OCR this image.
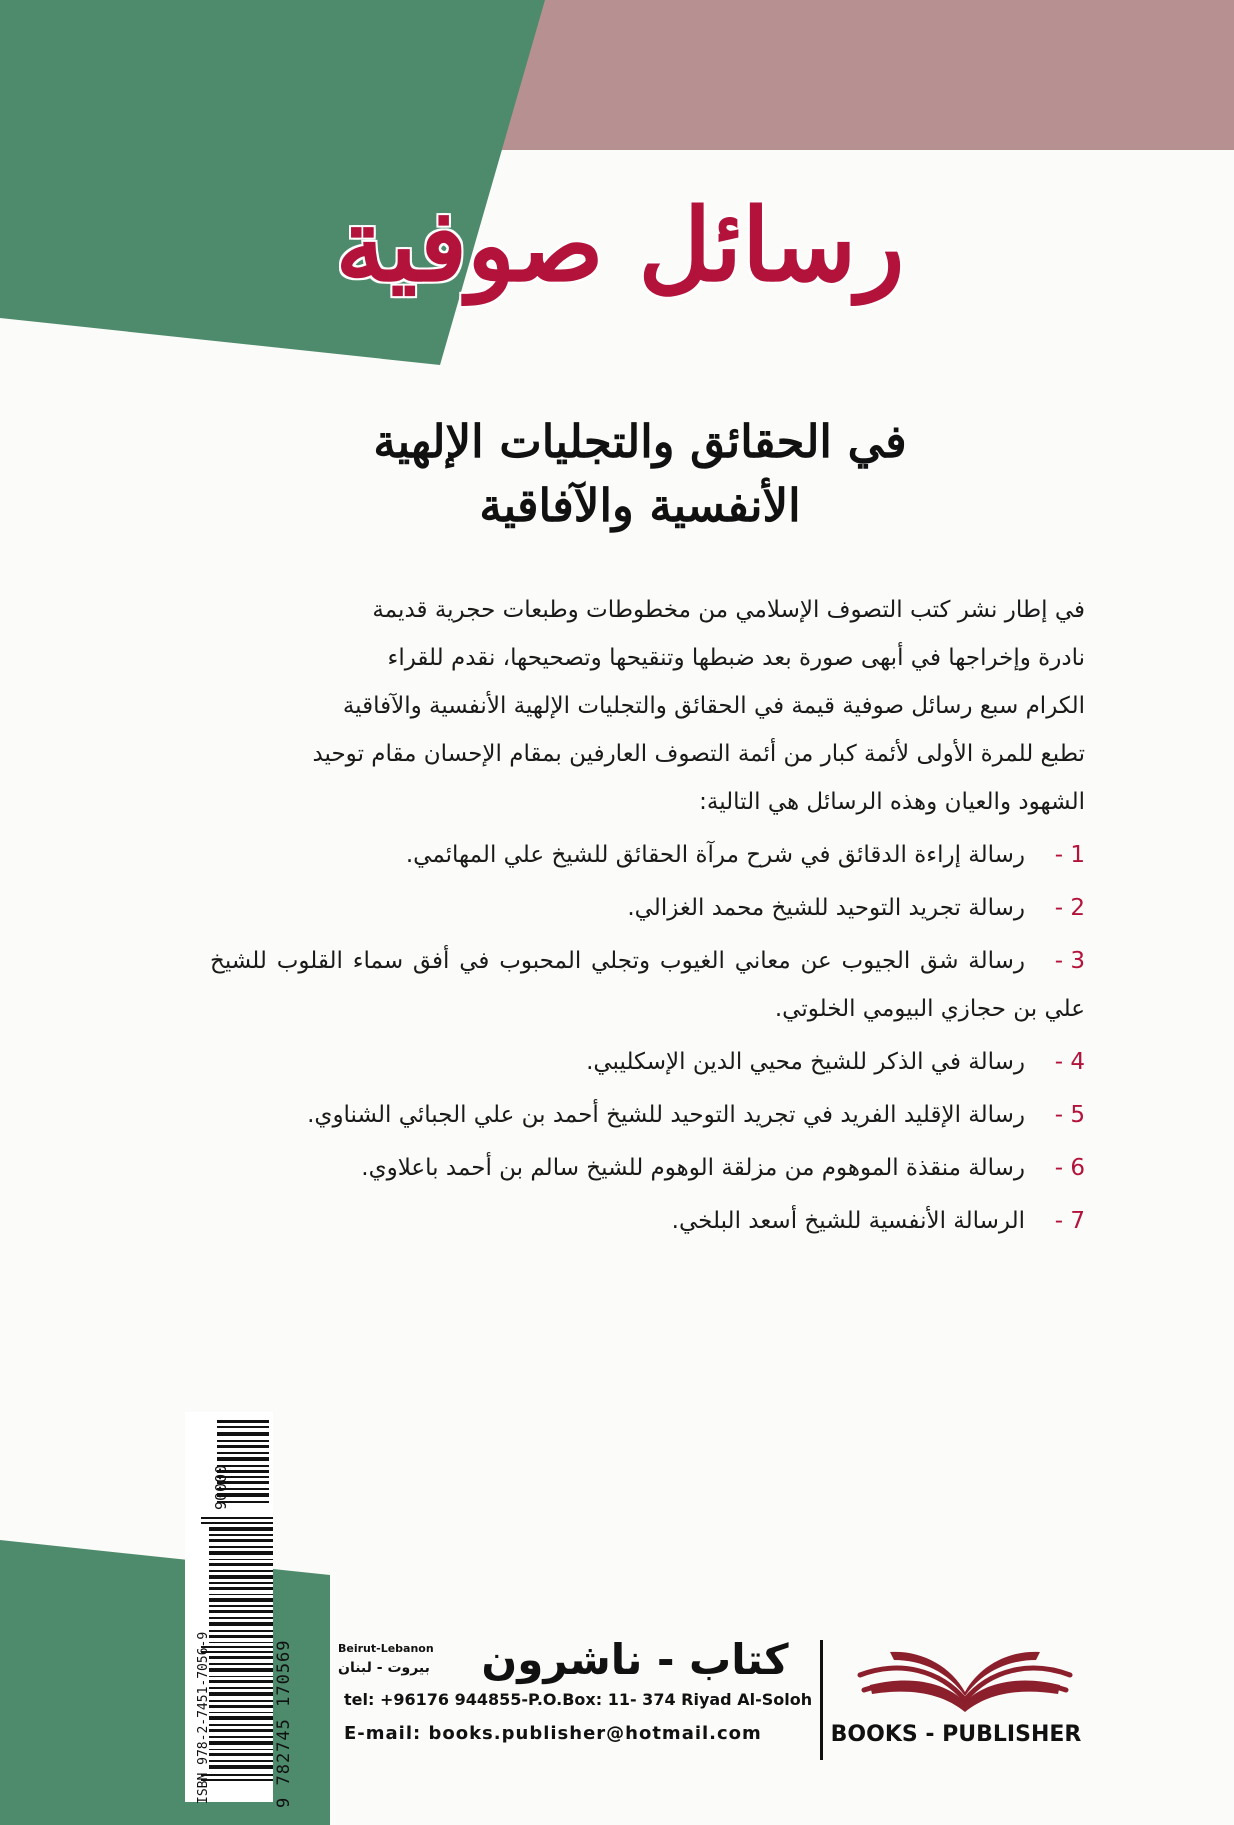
رسائل صوفية
في الحقائق والتجليات الإلهية
الأنفسية والآفاقية

في إطار نشر كتب التصوف الإسلامي من مخطوطات وطبعات حجرية قديمة

نادرة وإخراجها في أبهى صورة بعد ضبطها وتنقيحها وتصحيحها، نقدم للقراء

الكرام سبع رسائل صوفية قيمة في الحقائق والتجليات الإلهية الأنفسية والآفاقية

تطبع للمرة الأولى لأئمة كبار من أئمة التصوف العارفين بمقام الإحسان مقام توحيد

الشهود والعيان وهذه الرسائل هي التالية:

1 -
رسالة إراءة الدقائق في شرح مرآة الحقائق للشيخ علي المهائمي.
2 -
رسالة تجريد التوحيد للشيخ محمد الغزالي.
3 -
رسالة شق الجيوب عن معاني الغيوب وتجلي المحبوب في أفق سماء القلوب للشيخ علي بن حجازي البيومي الخلوتي.
4 -
رسالة في الذكر للشيخ محيي الدين الإسكليبي.
5 -
رسالة الإقليد الفريد في تجريد التوحيد للشيخ أحمد بن علي الجبائي الشناوي.
6 -
رسالة منقذة الموهوم من مزلقة الوهوم للشيخ سالم بن أحمد باعلاوي.
7 -
الرسالة الأنفسية للشيخ أسعد البلخي.
ISBN 978-2-7451-7056-9
90000
9 782745 170569	Beirut-Lebanon
بيروت - لبنان	كتاب - ناشرون
tel: +96176 944855-P.O.Box: 11- 374 Riyad Al-Soloh
E-mail: books.publisher@hotmail.com	BOOKS - PUBLISHER
